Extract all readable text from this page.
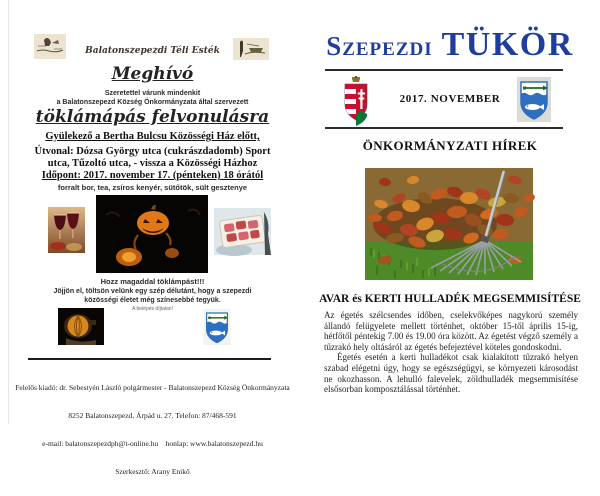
Balatonszepezdi Téli Esték
Meghívó
Szeretettel várunk mindenkit
a Balatonszepezd Község Önkormányzata által szervezett
töklámápás felvonulásra
Gyülekező a Bertha Bulcsu Közösségi Ház előtt,
Útvonal: Dózsa György utca (cukrászdadomb) Sport
utca, Tűzoltó utca, - vissza a Közösségi Házhoz
Időpont: 2017. november 17. (pénteken) 18 órától
forralt bor, tea, zsíros kenyér, sütőtök, sült gesztenye
Hozz magaddal töklámpást!!!
Jöjjön el, töltsön velünk egy szép délutánt, hogy a szepezdi
közösségi életet még színesebbé tegyük.
A belépés díjtalan!

Felelős kiadó: dr. Sebestyén László polgármester - Balatonszepezd Község Önkormányzata

8252 Balatonszepezd, Árpád u. 27. Telefon: 87/468-591

e-mail: balatonszepezdph@t-online.hu    honlap: www.balatonszepezd.hu

Szerkesztő: Arany Enikő

Szepezdi TÜKÖR
2017. NOVEMBER
ÖNKORMÁNYZATI HÍREK
AVAR és KERTI HULLADÉK MEGSEMMISÍTÉSE

Az égetés szélcsendes időben, cselekvőképes nagykorú személy állandó felügyelete mellett történhet, október 15-től április 15-ig, hétfőtől péntekig 7.00 és 19.00 óra között. Az égetést végző személy a tűzrakó hely oltásáról az égetés befejeztével köteles gondoskodni.

Égetés esetén a kerti hulladékot csak kialakított tűzrakó helyen szabad elégetni úgy, hogy se egészségügyi, se környezeti károsodást ne okozhasson. A lehulló falevelek, zöldhulladék megsemmisítése elsősorban komposztálással történhet.
